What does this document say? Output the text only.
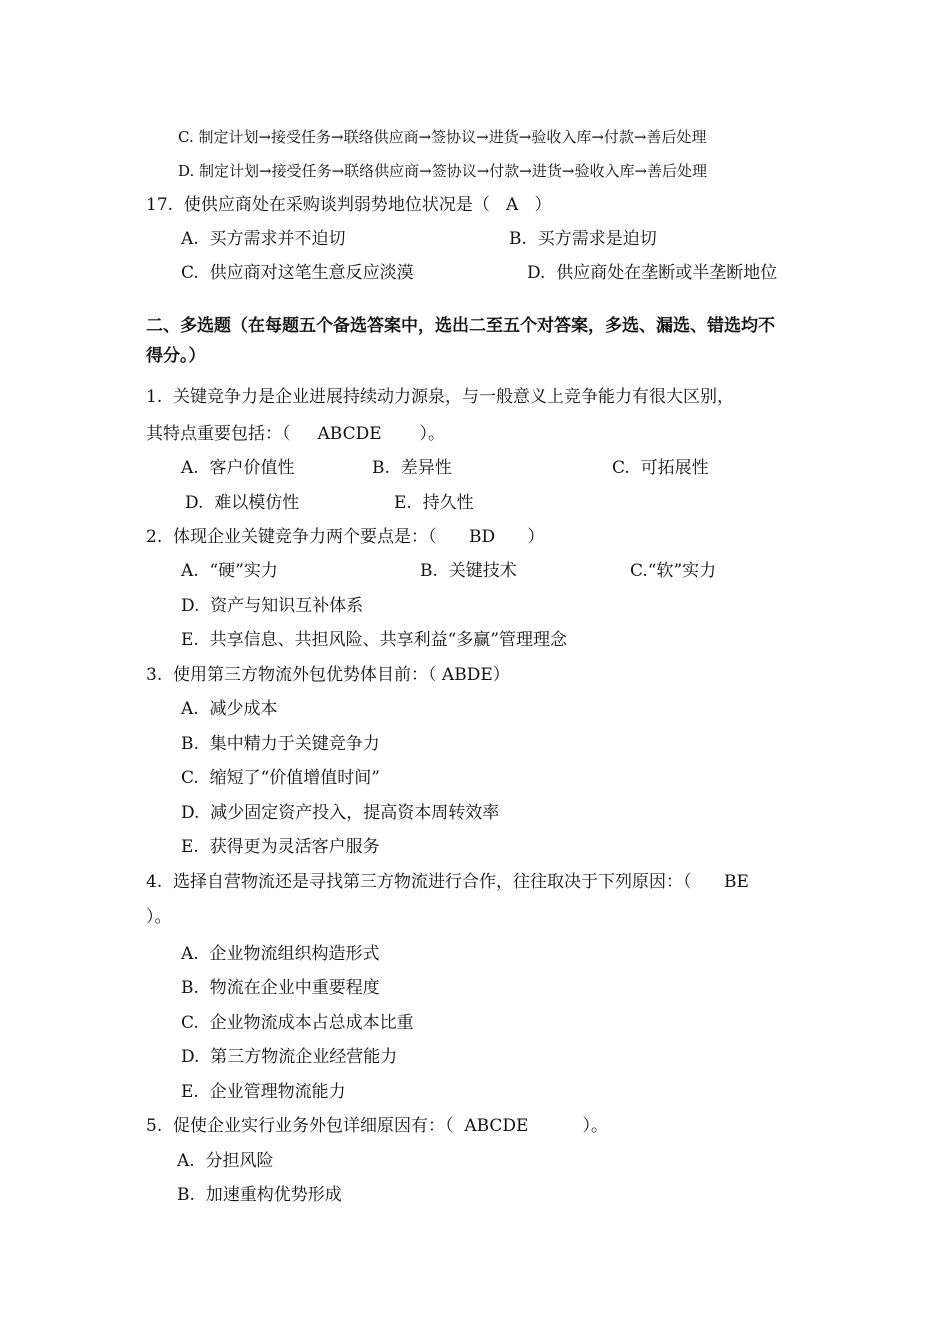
C. 制定计划→接受任务→联络供应商→签协议→进货→验收入库→付款→善后处理
D. 制定计划→接受任务→联络供应商→签协议→付款→进货→验收入库→善后处理
17.  使供应商处在采购谈判弱势地位状况是（   A   ）
A.  买方需求并不迫切	B.  买方需求是迫切
C.  供应商对这笔生意反应淡漠	D.  供应商处在垄断或半垄断地位
二、多选题（在每题五个备选答案中，选出二至五个对答案，多选、漏选、错选均不
得分。）
1.  关键竞争力是企业进展持续动力源泉，与一般意义上竞争能力有很大区别，
其特点重要包括：（     ABCDE       ）。
A.  客户价值性	B.  差异性	C.  可拓展性
D.  难以模仿性	E.  持久性
2.  体现企业关键竞争力两个要点是：（      BD      ）
A.  “硬”实力	B.  关键技术	C.“软”实力
D.  资产与知识互补体系
E.  共享信息、共担风险、共享利益“多赢”管理理念
3.  使用第三方物流外包优势体目前：（ ABDE）
A.  减少成本
B.  集中精力于关键竞争力
C.  缩短了“价值增值时间”
D.  减少固定资产投入，提高资本周转效率
E.  获得更为灵活客户服务
4.  选择自营物流还是寻找第三方物流进行合作，往往取决于下列原因：（      BE
）。
A.  企业物流组织构造形式
B.  物流在企业中重要程度
C.  企业物流成本占总成本比重
D.  第三方物流企业经营能力
E.  企业管理物流能力
5.  促使企业实行业务外包详细原因有：（  ABCDE          ）。
A.  分担风险
B.  加速重构优势形成
